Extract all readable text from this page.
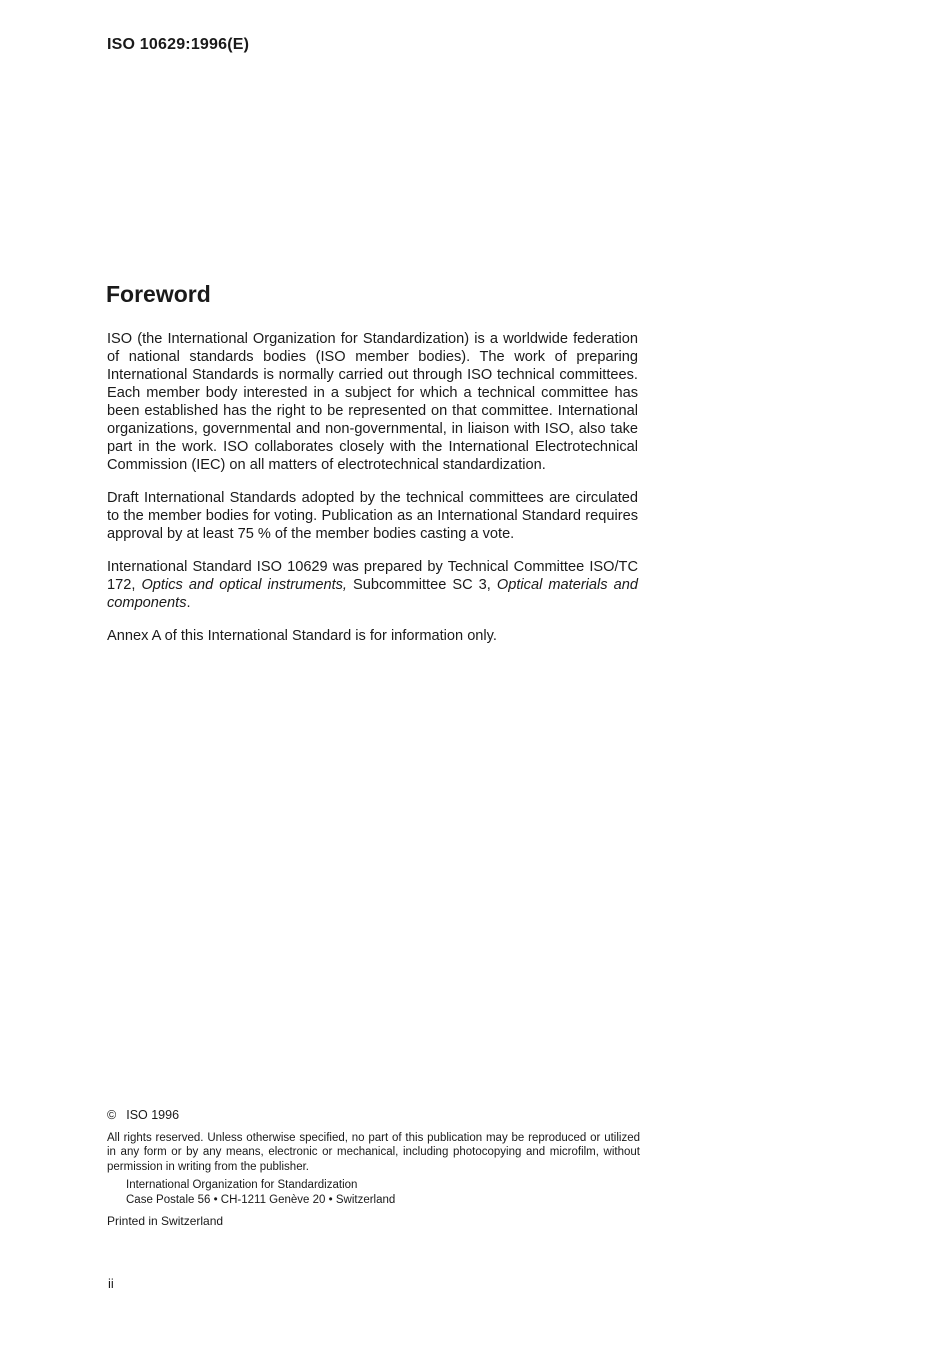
ISO 10629:1996(E)
Foreword

ISO (the International Organization for Standardization) is a worldwide federation of national standards bodies (ISO member bodies). The work of preparing International Standards is normally carried out through ISO technical committees. Each member body interested in a subject for which a technical committee has been established has the right to be represented on that committee. International organizations, governmental and non-governmental, in liaison with ISO, also take part in the work. ISO collaborates closely with the International Electrotechnical Commission (IEC) on all matters of electrotechnical standardization.

Draft International Standards adopted by the technical committees are circulated to the member bodies for voting. Publication as an International Standard requires approval by at least 75 % of the member bodies casting a vote.

International Standard ISO 10629 was prepared by Technical Committee ISO/TC 172, Optics and optical instruments, Subcommittee SC 3, Optical materials and components.

Annex A of this International Standard is for information only.

© ISO 1996

All rights reserved. Unless otherwise specified, no part of this publication may be reproduced or utilized in any form or by any means, electronic or mechanical, including photocopying and microfilm, without permission in writing from the publisher.

International Organization for Standardization
Case Postale 56 • CH-1211 Genève 20 • Switzerland

Printed in Switzerland

ii
